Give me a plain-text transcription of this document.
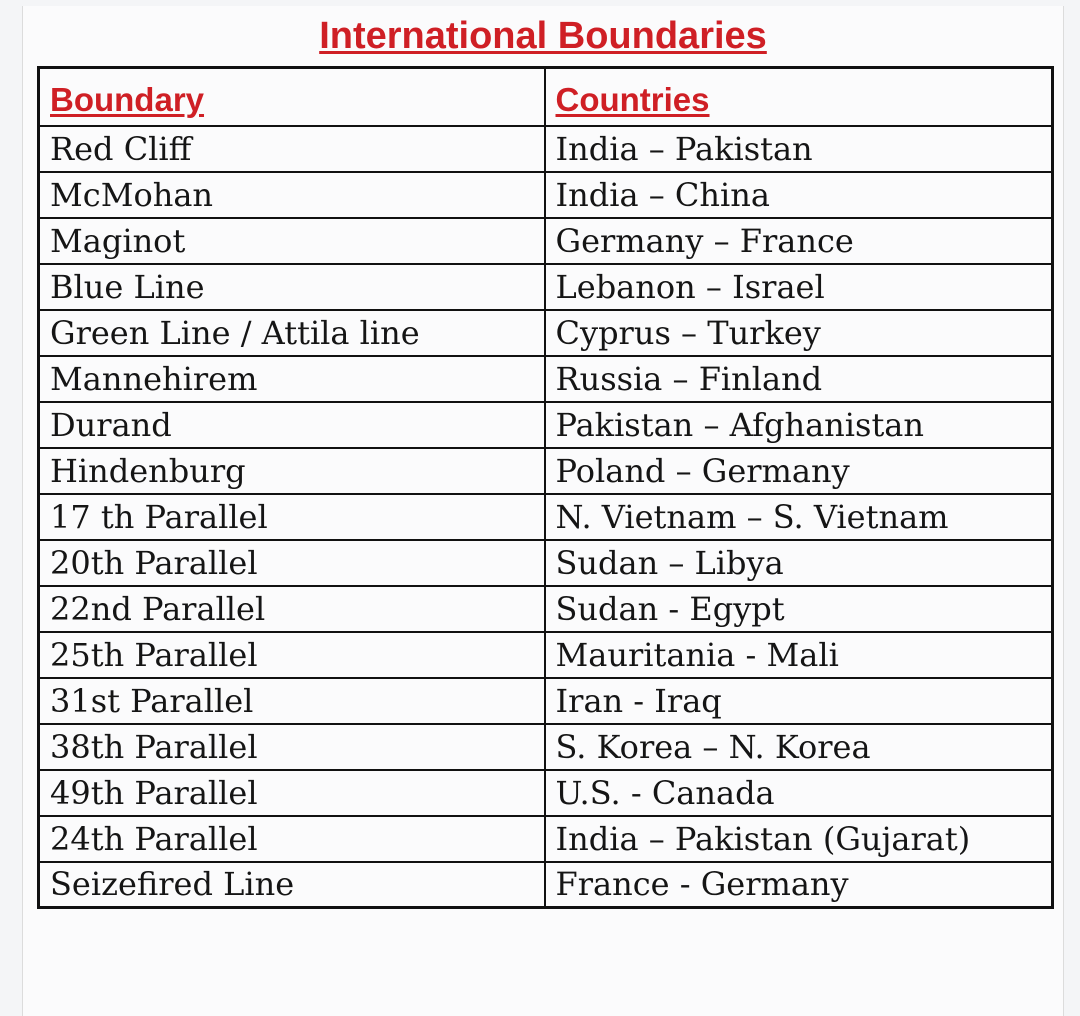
International Boundaries
Boundary	Countries
Red Cliff	India – Pakistan
McMohan	India – China
Maginot	Germany – France
Blue Line	Lebanon – Israel
Green Line / Attila line	Cyprus – Turkey
Mannehirem	Russia – Finland
Durand	Pakistan – Afghanistan
Hindenburg	Poland – Germany
17 th Parallel	N. Vietnam – S. Vietnam
20th Parallel	Sudan – Libya
22nd Parallel	Sudan - Egypt
25th Parallel	Mauritania - Mali
31st Parallel	Iran - Iraq
38th Parallel	S. Korea – N. Korea
49th Parallel	U.S. - Canada
24th Parallel	India – Pakistan (Gujarat)
Seizefired Line	France - Germany
